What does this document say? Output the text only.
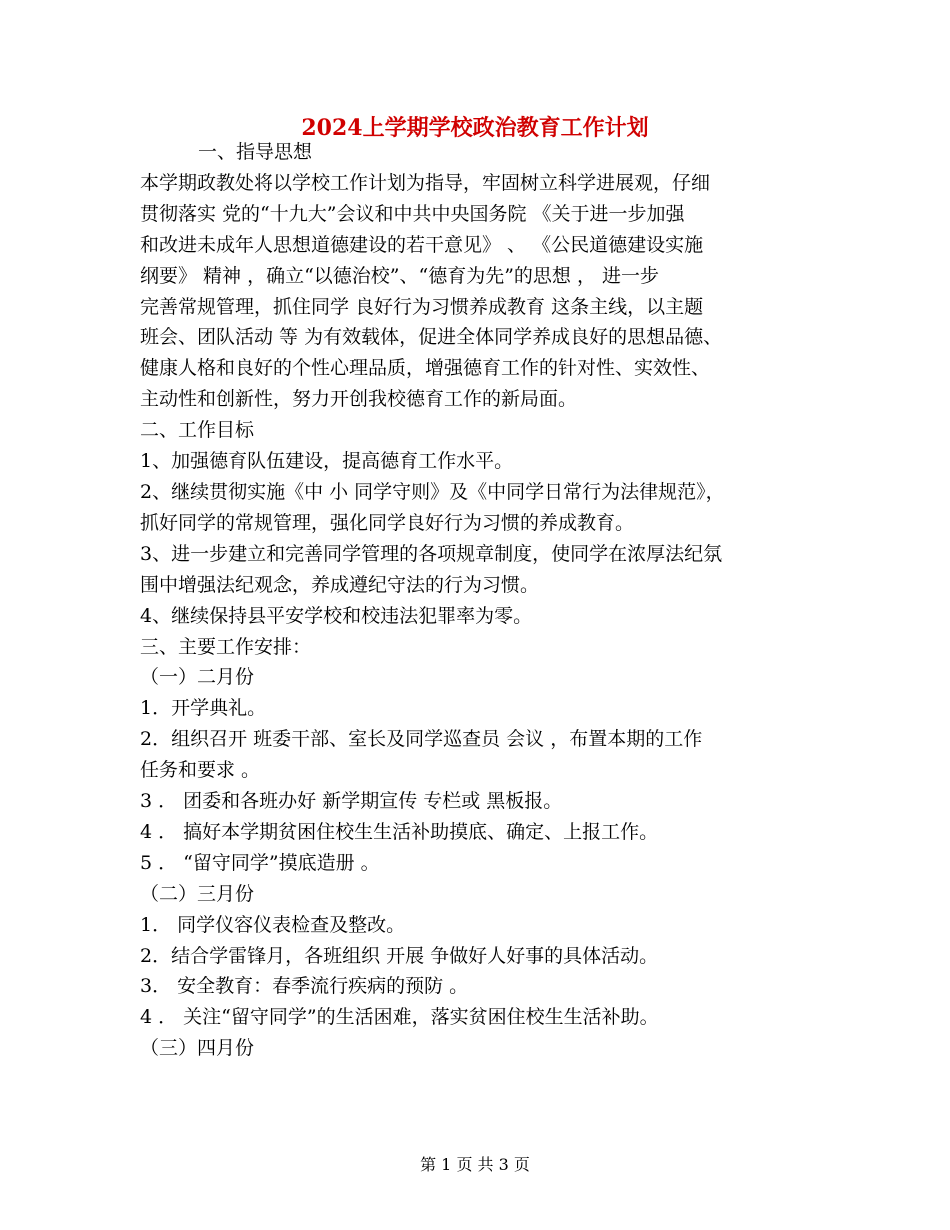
2024上学期学校政治教育工作计划

一、指导思想

本学期政教处将以学校工作计划为指导，牢固树立科学进展观，仔细

贯彻落实 党的“十九大”会议和中共中央国务院 《关于进一步加强

和改进未成年人思想道德建设的若干意见》 、 《公民道德建设实施

纲要》 精神 ，确立“以德治校”、“德育为先”的思想 ， 进一步

完善常规管理，抓住同学 良好行为习惯养成教育 这条主线，以主题

班会、团队活动 等 为有效载体，促进全体同学养成良好的思想品德、

健康人格和良好的个性心理品质，增强德育工作的针对性、实效性、

主动性和创新性，努力开创我校德育工作的新局面。

二、工作目标

1、加强德育队伍建设，提高德育工作水平。

2、继续贯彻实施《中 小 同学守则》及《中同学日常行为法律规范》，

抓好同学的常规管理，强化同学良好行为习惯的养成教育。

3、进一步建立和完善同学管理的各项规章制度，使同学在浓厚法纪氛

围中增强法纪观念，养成遵纪守法的行为习惯。

4、继续保持县平安学校和校违法犯罪率为零。

三、主要工作安排：

（一）二月份

1．开学典礼。

2．组织召开 班委干部、室长及同学巡查员 会议 ，布置本期的工作

任务和要求 。

3 ． 团委和各班办好 新学期宣传 专栏或 黑板报。

4 ． 搞好本学期贫困住校生生活补助摸底、确定、上报工作。

5 ． “留守同学”摸底造册 。

（二）三月份

1． 同学仪容仪表检查及整改。

2．结合学雷锋月，各班组织 开展 争做好人好事的具体活动。

3． 安全教育：春季流行疾病的预防 。

4 ． 关注“留守同学”的生活困难，落实贫困住校生生活补助。

（三）四月份

第 1 页 共 3 页
